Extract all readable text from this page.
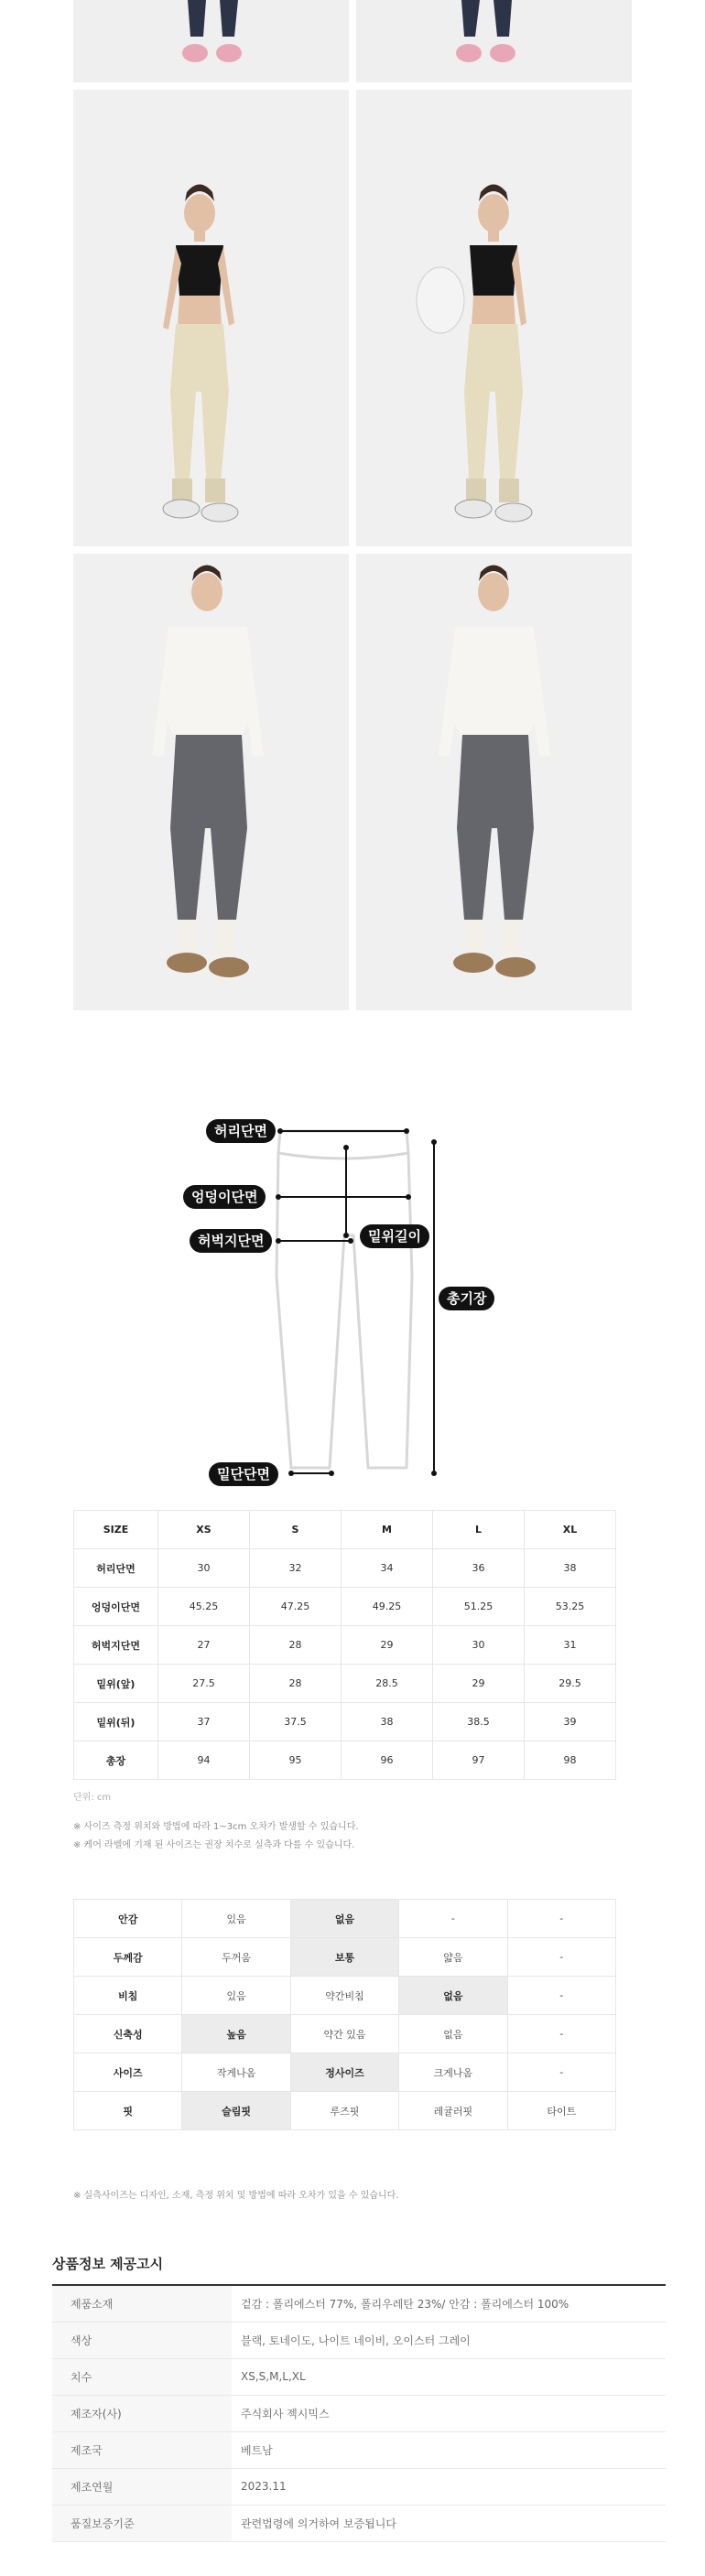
허리단면
엉덩이단면
허벅지단면	밑위길이
총기장
밑단단면
SIZE	XS	S	M	L	XL
허리단면	30	32	34	36	38
엉덩이단면	45.25	47.25	49.25	51.25	53.25
허벅지단면	27	28	29	30	31
밑위(앞)	27.5	28	28.5	29	29.5
밑위(뒤)	37	37.5	38	38.5	39
총장	94	95	96	97	98
단위: cm
※ 사이즈 측정 위치와 방법에 따라 1~3cm 오차가 발생할 수 있습니다.
※ 케어 라벨에 기재 된 사이즈는 권장 치수로 실측과 다를 수 있습니다.
안감	있음	없음	-	-
두께감	두꺼움	보통	얇음	-
비침	있음	약간비침	없음	-
신축성	높음	약간 있음	없음	-
사이즈	작게나옴	정사이즈	크게나옴	-
핏	슬림핏	루즈핏	레귤러핏	타이트
※ 실측사이즈는 디자인, 소재, 측정 위치 및 방법에 따라 오차가 있을 수 있습니다.
상품정보 제공고시
제품소재	겉감 : 폴리에스터 77%, 폴리우레탄 23%/ 안감 : 폴리에스터 100%
색상	블랙, 토네이도, 나이트 네이비, 오이스터 그레이
치수	XS,S,M,L,XL
제조자(사)	주식회사 젝시믹스
제조국	베트남
제조연월	2023.11
품질보증기준	관련법령에 의거하여 보증됩니다
